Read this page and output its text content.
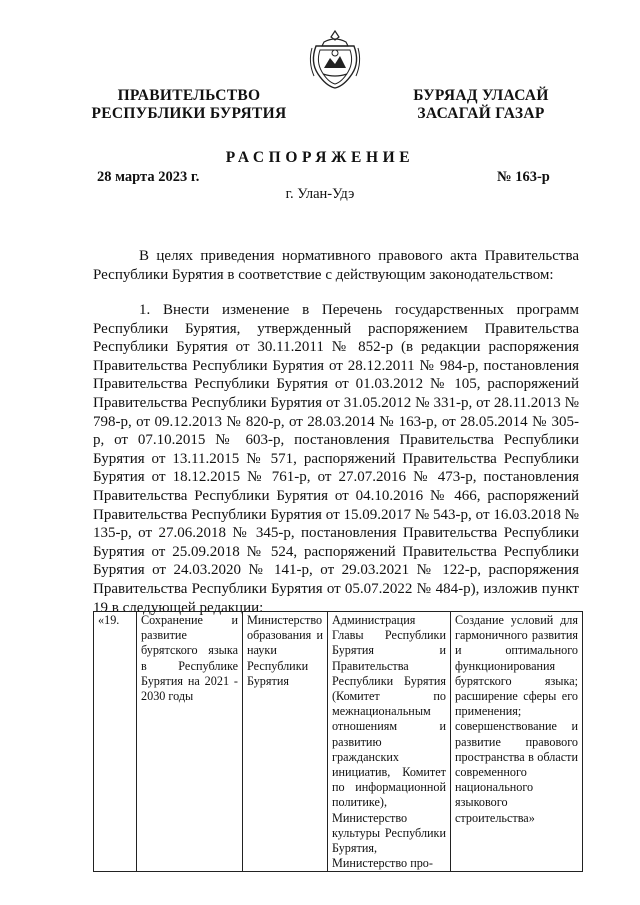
ПРАВИТЕЛЬСТВО
РЕСПУБЛИКИ БУРЯТИЯ
БУРЯАД УЛАСАЙ
ЗАСАГАЙ ГАЗАР
РАСПОРЯЖЕНИЕ
28 марта 2023 г.	№ 163-р
г. Улан-Удэ

В целях приведения нормативного правового акта Правительства Республики Бурятия в соответствие с действующим законодательством:

1. Внести изменение в Перечень государственных программ Республики Бурятия, утвержденный распоряжением Правительства Республики Бурятия от 30.11.2011 № 852-р (в редакции распоряжения Правительства Республики Бурятия от 28.12.2011 № 984-р, постановления Правительства Республики Бурятия от 01.03.2012 № 105, распоряжений Правительства Республики Бурятия от 31.05.2012 № 331-р, от 28.11.2013 № 798-р, от 09.12.2013 № 820-р, от 28.03.2014 № 163-р, от 28.05.2014 № 305-р, от 07.10.2015 № 603-р, постановления Правительства Республики Бурятия от 13.11.2015 № 571, распоряжений Правительства Республики Бурятия от 18.12.2015 № 761-р, от 27.07.2016 № 473-р, постановления Правительства Республики Бурятия от 04.10.2016 № 466, распоряжений Правительства Республики Бурятия от 15.09.2017 № 543-р, от 16.03.2018 № 135-р, от 27.06.2018 № 345-р, постановления Правительства Республики Бурятия от 25.09.2018 № 524, распоряжений Правительства Республики Бурятия от 24.03.2020 № 141-р, от 29.03.2021 № 122-р, распоряжения Правительства Республики Бурятия от 05.07.2022 № 484-р), изложив пункт 19 в следующей редакции:

«19.	Сохранение и развитие бурятского языка в Республике Бурятия на 2021 - 2030 годы	Министерство образования и науки Республики Бурятия	Администрация Главы Республики Бурятия и Правительства Республики Бурятия (Комитет по межнациональным отношениям и развитию гражданских инициатив, Комитет по информационной политике), Министерство культуры Республики Бурятия, Министерство про-	Создание условий для гармоничного развития и оптимального функционирования бурятского языка; расширение сферы его применения; совершенствование и развитие правового пространства в области современного национального языкового строительства»
